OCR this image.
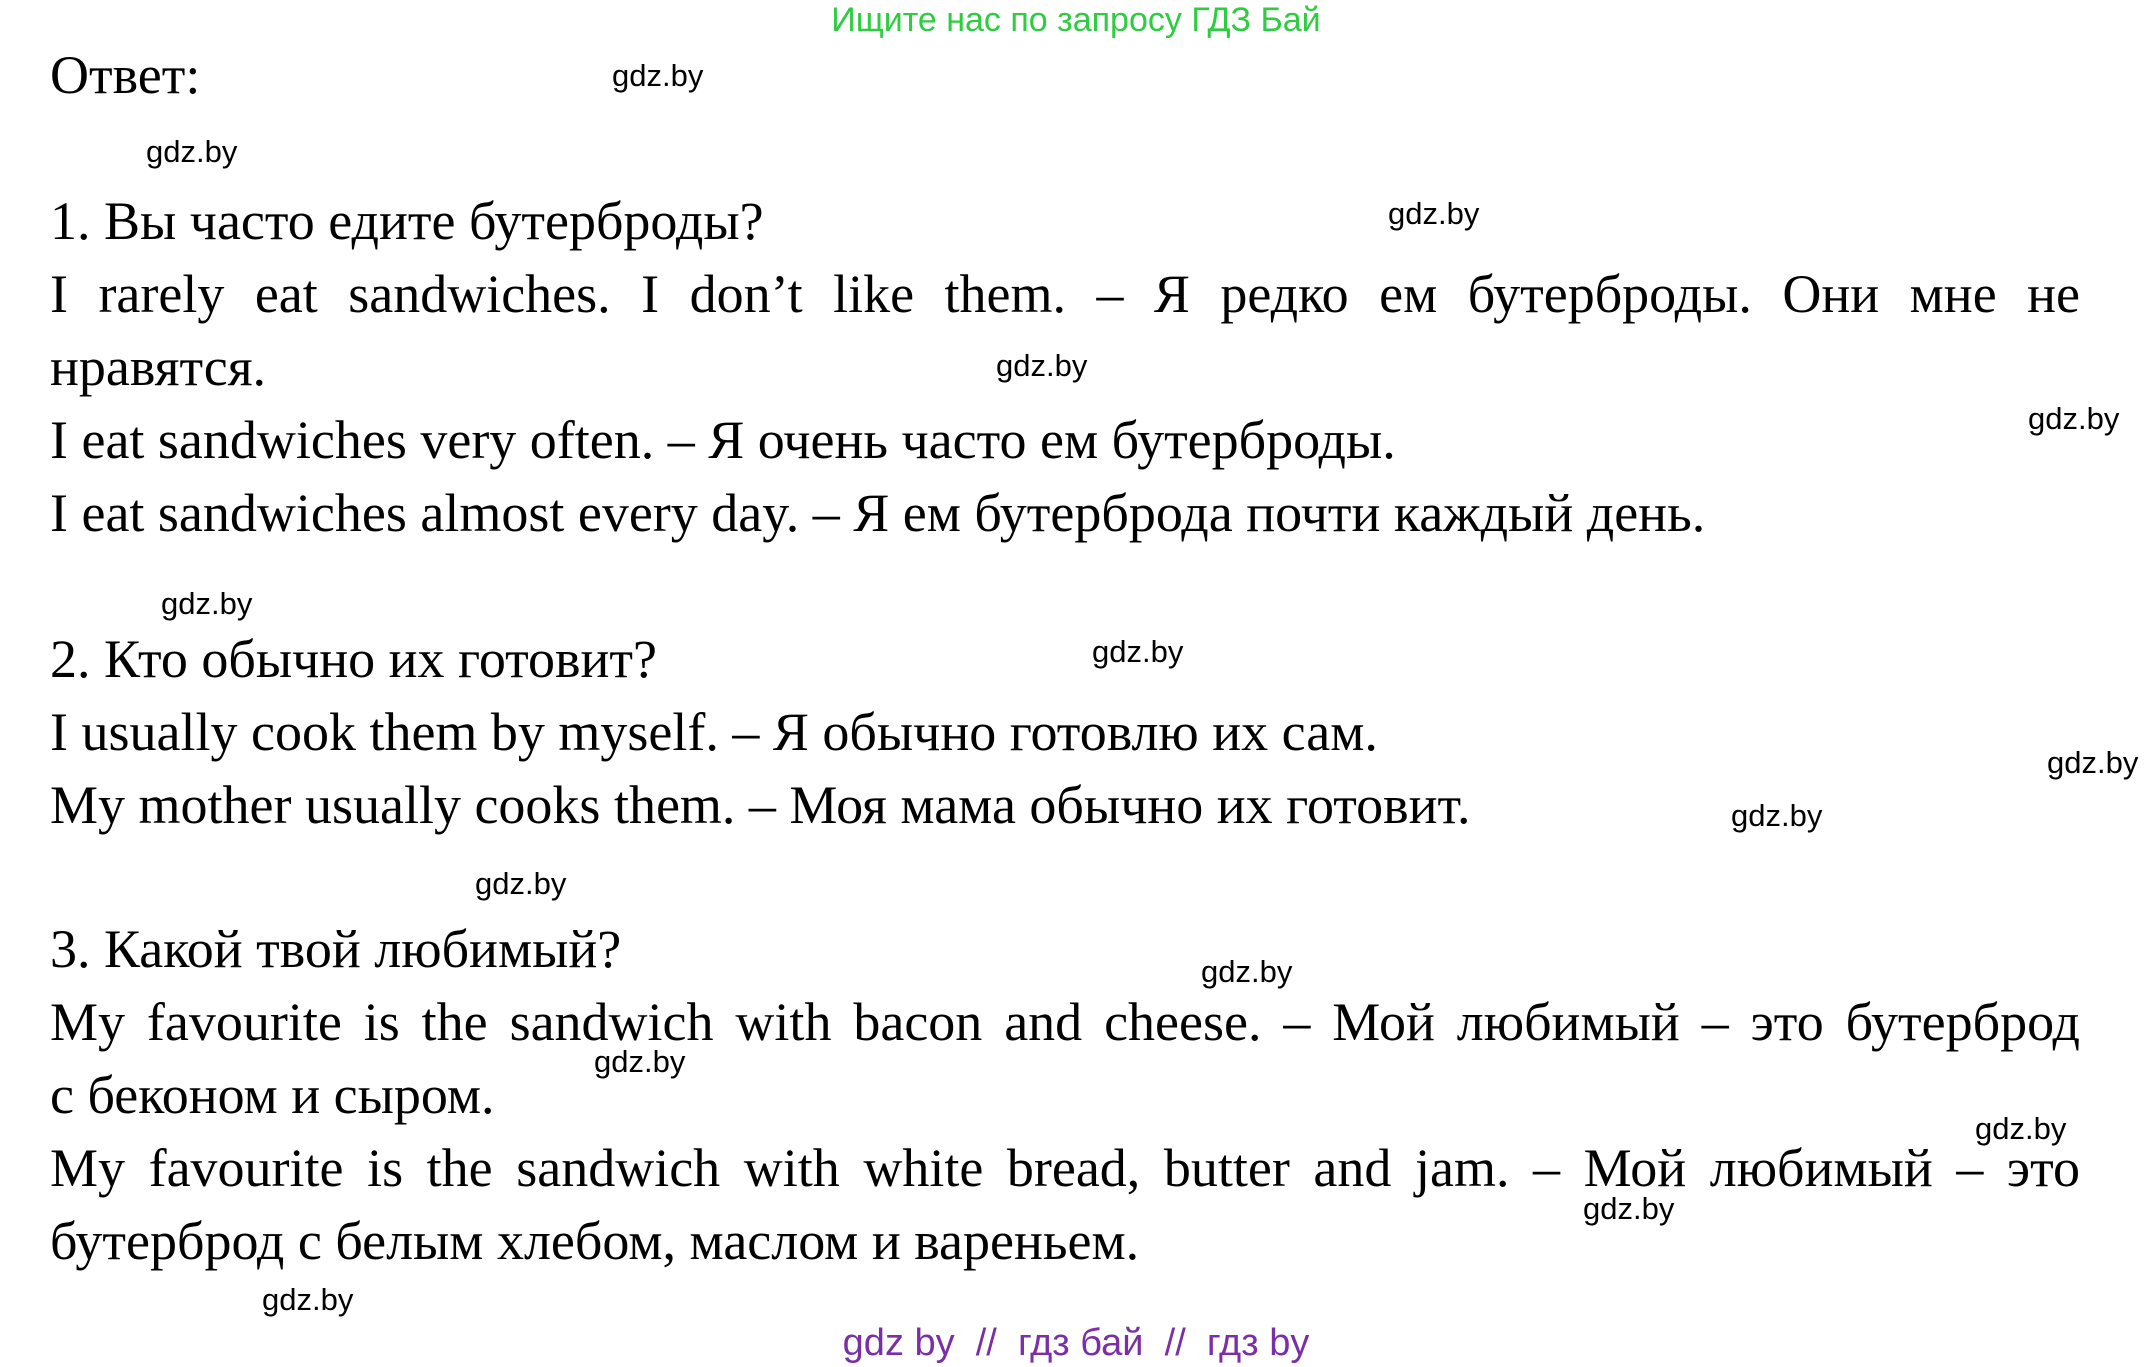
Ищите нас по запросу ГДЗ Бай
Ответ:
1. Вы часто едите бутерброды?
I rarely eat sandwiches. I don’t like them. – Я редко ем бутерброды. Они мне не
нравятся.
I eat sandwiches very often. – Я очень часто ем бутерброды.
I eat sandwiches almost every day. – Я ем бутерброда почти каждый день.
2. Кто обычно их готовит?
I usually cook them by myself. – Я обычно готовлю их сам.
My mother usually cooks them. – Моя мама обычно их готовит.
3. Какой твой любимый?
My favourite is the sandwich with bacon and cheese. – Мой любимый – это бутерброд
с беконом и сыром.
My favourite is the sandwich with white bread, butter and jam. – Мой любимый – это
бутерброд с белым хлебом, маслом и вареньем.
gdz.by
gdz.by
gdz.by
gdz.by
gdz.by
gdz.by
gdz.by
gdz.by
gdz.by
gdz.by
gdz.by
gdz.by
gdz.by
gdz.by
gdz.by
gdz by  //  гдз бай  //  гдз by
